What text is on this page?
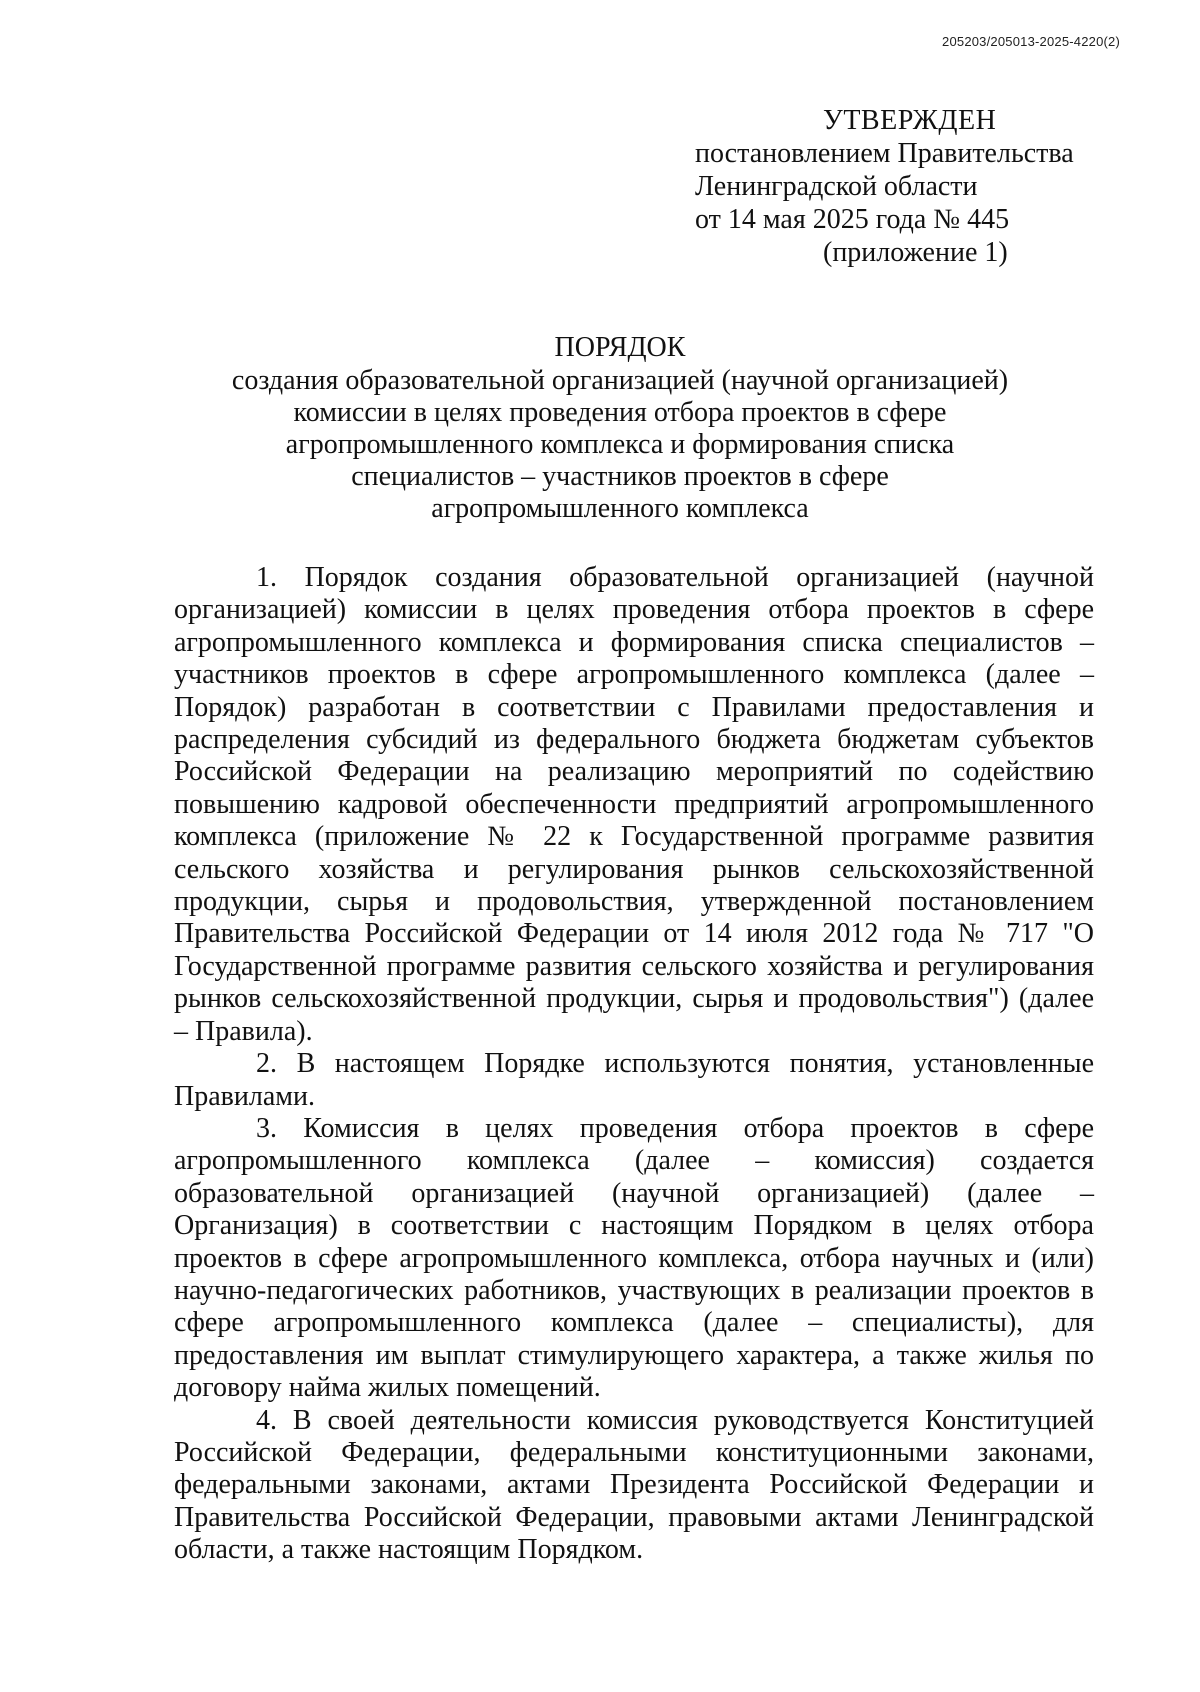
205203/205013-2025-4220(2)
УТВЕРЖДЕН
постановлением Правительства
Ленинградской области
от 14 мая 2025 года № 445
(приложение 1)
ПОРЯДОК
создания образовательной организацией (научной организацией)
комиссии в целях проведения отбора проектов в сфере
агропромышленного комплекса и формирования списка
специалистов – участников проектов в сфере
агропромышленного комплекса

1. Порядок создания образовательной организацией (научной организацией) комиссии в целях проведения отбора проектов в сфере агропромышленного комплекса и формирования списка специалистов – участников проектов в сфере агропромышленного комплекса (далее – Порядок) разработан в соответствии с Правилами предоставления и распределения субсидий из федерального бюджета бюджетам субъектов Российской Федерации на реализацию мероприятий по содействию повышению кадровой обеспеченности предприятий агропромышленного комплекса (приложение № 22 к Государственной программе развития сельского хозяйства и регулирования рынков сельскохозяйственной продукции, сырья и продовольствия, утвержденной постановлением Правительства Российской Федерации от 14 июля 2012 года № 717 "О Государственной программе развития сельского хозяйства и регулирования рынков сельскохозяйственной продукции, сырья и продовольствия") (далее – Правила).

2. В настоящем Порядке используются понятия, установленные Правилами.

3. Комиссия в целях проведения отбора проектов в сфере агропромышленного комплекса (далее – комиссия) создается образовательной организацией (научной организацией) (далее – Организация) в соответствии с настоящим Порядком в целях отбора проектов в сфере агропромышленного комплекса, отбора научных и (или) научно-педагогических работников, участвующих в реализации проектов в сфере агропромышленного комплекса (далее – специалисты), для предоставления им выплат стимулирующего характера, а также жилья по договору найма жилых помещений.

4. В своей деятельности комиссия руководствуется Конституцией Российской Федерации, федеральными конституционными законами, федеральными законами, актами Президента Российской Федерации и Правительства Российской Федерации, правовыми актами Ленинградской области, а также настоящим Порядком.
